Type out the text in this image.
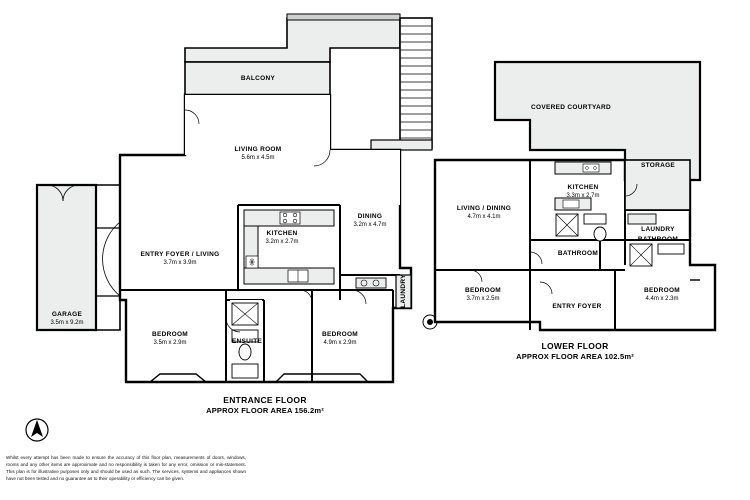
BALCONY
LIVING ROOM
5.6m x 4.5m
DINING
3.2m x 4.7m
KITCHEN
3.2m x 2.7m
ENTRY FOYER / LIVING
3.7m x 3.9m
GARAGE
3.5m x 9.2m
BEDROOM
3.5m x 2.9m	ENSUITE
BEDROOM
4.9m x 2.9m
LAUNDRY
ENTRANCE FLOOR
APPROX FLOOR AREA 156.2m²
COVERED COURTYARD
STORAGE
KITCHEN
3.3m x 2.7m
LIVING / DINING
4.7m x 4.1m
BATHROOM
LAUNDRY
BATHROOM
BEDROOM
3.7m x 2.5m
ENTRY FOYER
BEDROOM
4.4m x 2.3m
LOWER FLOOR
APPROX FLOOR AREA 102.5m²
Whilst every attempt has been made to ensure the accuracy of this floor plan, measurements of doors, windows, rooms and any other items are approximate and no responsibility is taken for any error, omission or mis-statement. This plan is for illustrative purposes only and should be used as such. The services, systems and appliances shown have not been tested and no guarantee as to their operability or efficiency can be given.
